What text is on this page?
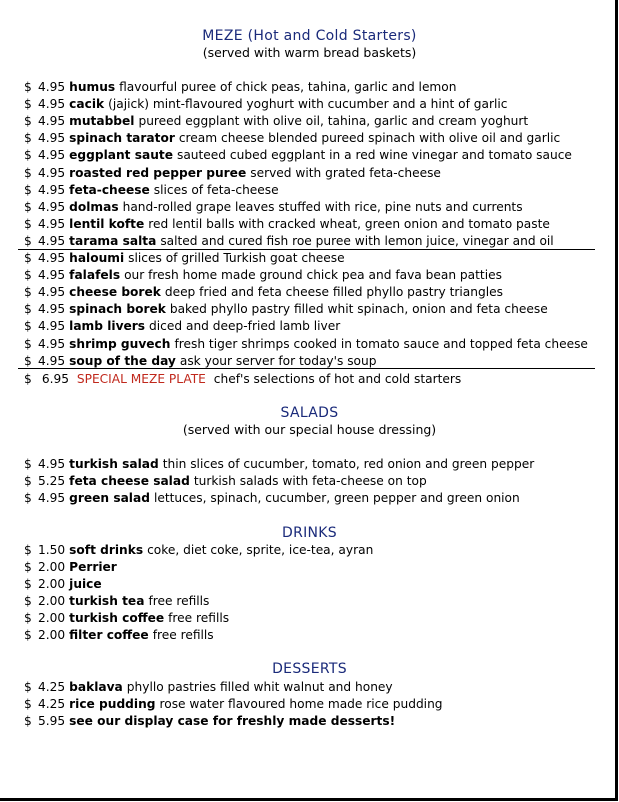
MEZE (Hot and Cold Starters)
(served with warm bread baskets)
$ 4.95 humus flavourful puree of chick peas, tahina, garlic and lemon
$ 4.95 cacik (jajick) mint-flavoured yoghurt with cucumber and a hint of garlic
$ 4.95 mutabbel pureed eggplant with olive oil, tahina, garlic and cream yoghurt
$ 4.95 spinach tarator cream cheese blended pureed spinach with olive oil and garlic
$ 4.95 eggplant saute sauteed cubed eggplant in a red wine vinegar and tomato sauce
$ 4.95 roasted red pepper puree served with grated feta-cheese
$ 4.95 feta-cheese slices of feta-cheese
$ 4.95 dolmas hand-rolled grape leaves stuffed with rice, pine nuts and currents
$ 4.95 lentil kofte red lentil balls with cracked wheat, green onion and tomato paste
$ 4.95 tarama salta salted and cured fish roe puree with lemon juice, vinegar and oil
$ 4.95 haloumi slices of grilled Turkish goat cheese
$ 4.95 falafels our fresh home made ground chick pea and fava bean patties
$ 4.95 cheese borek deep fried and feta cheese filled phyllo pastry triangles
$ 4.95 spinach borek baked phyllo pastry filled whit spinach, onion and feta cheese
$ 4.95 lamb livers diced and deep-fried lamb liver
$ 4.95 shrimp guvech fresh tiger shrimps cooked in tomato sauce and topped feta cheese
$ 4.95 soup of the day ask your server for today's soup
$ 6.95 SPECIAL MEZE PLATE chef's selections of hot and cold starters
SALADS
(served with our special house dressing)
$ 4.95 turkish salad thin slices of cucumber, tomato, red onion and green pepper
$ 5.25 feta cheese salad turkish salads with feta-cheese on top
$ 4.95 green salad lettuces, spinach, cucumber, green pepper and green onion
DRINKS
$ 1.50 soft drinks coke, diet coke, sprite, ice-tea, ayran
$ 2.00 Perrier
$ 2.00 juice
$ 2.00 turkish tea free refills
$ 2.00 turkish coffee free refills
$ 2.00 filter coffee free refills
DESSERTS
$ 4.25 baklava phyllo pastries filled whit walnut and honey
$ 4.25 rice pudding rose water flavoured home made rice pudding
$ 5.95 see our display case for freshly made desserts!
